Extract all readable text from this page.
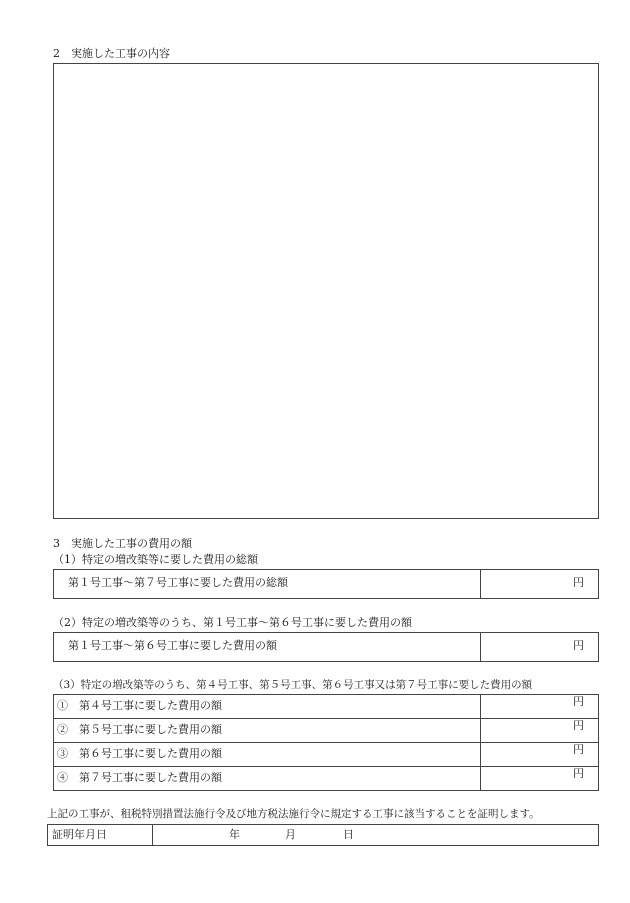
2　実施した工事の内容
3　実施した工事の費用の額
（1）特定の増改築等に要した費用の総額
第１号工事～第７号工事に要した費用の総額	円
（2）特定の増改築等のうち、第１号工事～第６号工事に要した費用の額
第１号工事～第６号工事に要した費用の額	円
（3）特定の増改築等のうち、第４号工事、第５号工事、第６号工事又は第７号工事に要した費用の額
①　第４号工事に要した費用の額	円
②　第５号工事に要した費用の額	円
③　第６号工事に要した費用の額	円
④　第７号工事に要した費用の額	円
上記の工事が、租税特別措置法施行令及び地方税法施行令に規定する工事に該当することを証明します。
証明年月日	年	月	日
